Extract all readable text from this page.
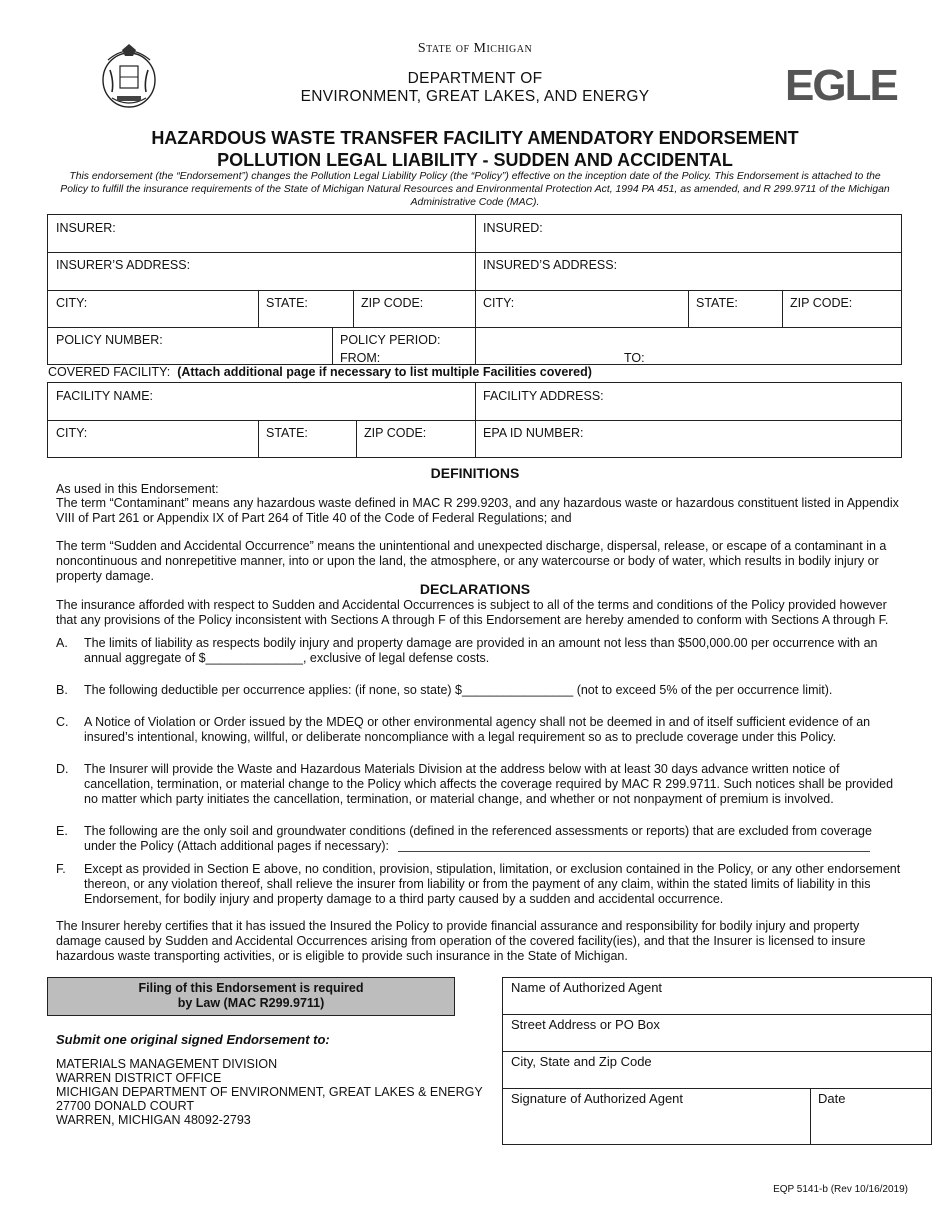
State of Michigan
DEPARTMENT OF
ENVIRONMENT, GREAT LAKES, AND ENERGY	EGLE
HAZARDOUS WASTE TRANSFER FACILITY AMENDATORY ENDORSEMENT
POLLUTION LEGAL LIABILITY - SUDDEN AND ACCIDENTAL
This endorsement (the “Endorsement”) changes the Pollution Legal Liability Policy (the “Policy”) effective on the inception date of the Policy. This Endorsement is attached to the Policy to fulfill the insurance requirements of the State of Michigan Natural Resources and Environmental Protection Act, 1994 PA 451, as amended, and R 299.9711 of the Michigan Administrative Code (MAC).
INSURER:	INSURED:
INSURER’S ADDRESS:	INSURED’S ADDRESS:
CITY:	STATE:	ZIP CODE:	CITY:	STATE:	ZIP CODE:
POLICY NUMBER:	POLICY PERIOD:
FROM:	TO:
COVERED FACILITY: (Attach additional page if necessary to list multiple Facilities covered)
FACILITY NAME:	FACILITY ADDRESS:
CITY:	STATE:	ZIP CODE:	EPA ID NUMBER:
DEFINITIONS
As used in this Endorsement:
The term “Contaminant” means any hazardous waste defined in MAC R 299.9203, and any hazardous waste or hazardous constituent listed in Appendix VIII of Part 261 or Appendix IX of Part 264 of Title 40 of the Code of Federal Regulations; and
The term “Sudden and Accidental Occurrence” means the unintentional and unexpected discharge, dispersal, release, or escape of a contaminant in a noncontinuous and nonrepetitive manner, into or upon the land, the atmosphere, or any watercourse or body of water, which results in bodily injury or property damage.
DECLARATIONS
The insurance afforded with respect to Sudden and Accidental Occurrences is subject to all of the terms and conditions of the Policy provided however that any provisions of the Policy inconsistent with Sections A through F of this Endorsement are hereby amended to conform with Sections A through F.
A. The limits of liability as respects bodily injury and property damage are provided in an amount not less than $500,000.00 per occurrence with an annual aggregate of $______________, exclusive of legal defense costs.
B. The following deductible per occurrence applies: (if none, so state) $________________ (not to exceed 5% of the per occurrence limit).
C. A Notice of Violation or Order issued by the MDEQ or other environmental agency shall not be deemed in and of itself sufficient evidence of an insured’s intentional, knowing, willful, or deliberate noncompliance with a legal requirement so as to preclude coverage under this Policy.
D. The Insurer will provide the Waste and Hazardous Materials Division at the address below with at least 30 days advance written notice of cancellation, termination, or material change to the Policy which affects the coverage required by MAC R 299.9711. Such notices shall be provided no matter which party initiates the cancellation, termination, or material change, and whether or not nonpayment of premium is involved.
E. The following are the only soil and groundwater conditions (defined in the referenced assessments or reports) that are excluded from coverage under the Policy (Attach additional pages if necessary):
F. Except as provided in Section E above, no condition, provision, stipulation, limitation, or exclusion contained in the Policy, or any other endorsement thereon, or any violation thereof, shall relieve the insurer from liability or from the payment of any claim, within the stated limits of liability in this Endorsement, for bodily injury and property damage to a third party caused by a sudden and accidental occurrence.
The Insurer hereby certifies that it has issued the Insured the Policy to provide financial assurance and responsibility for bodily injury and property damage caused by Sudden and Accidental Occurrences arising from operation of the covered facility(ies), and that the Insurer is licensed to insure hazardous waste transporting activities, or is eligible to provide such insurance in the State of Michigan.
Filing of this Endorsement is required
by Law (MAC R299.9711)
Submit one original signed Endorsement to:
MATERIALS MANAGEMENT DIVISION
WARREN DISTRICT OFFICE
MICHIGAN DEPARTMENT OF ENVIRONMENT, GREAT LAKES & ENERGY
27700 DONALD COURT
WARREN, MICHIGAN 48092-2793
Name of Authorized Agent
Street Address or PO Box
City, State and Zip Code
Signature of Authorized Agent	Date
EQP 5141-b (Rev 10/16/2019)
